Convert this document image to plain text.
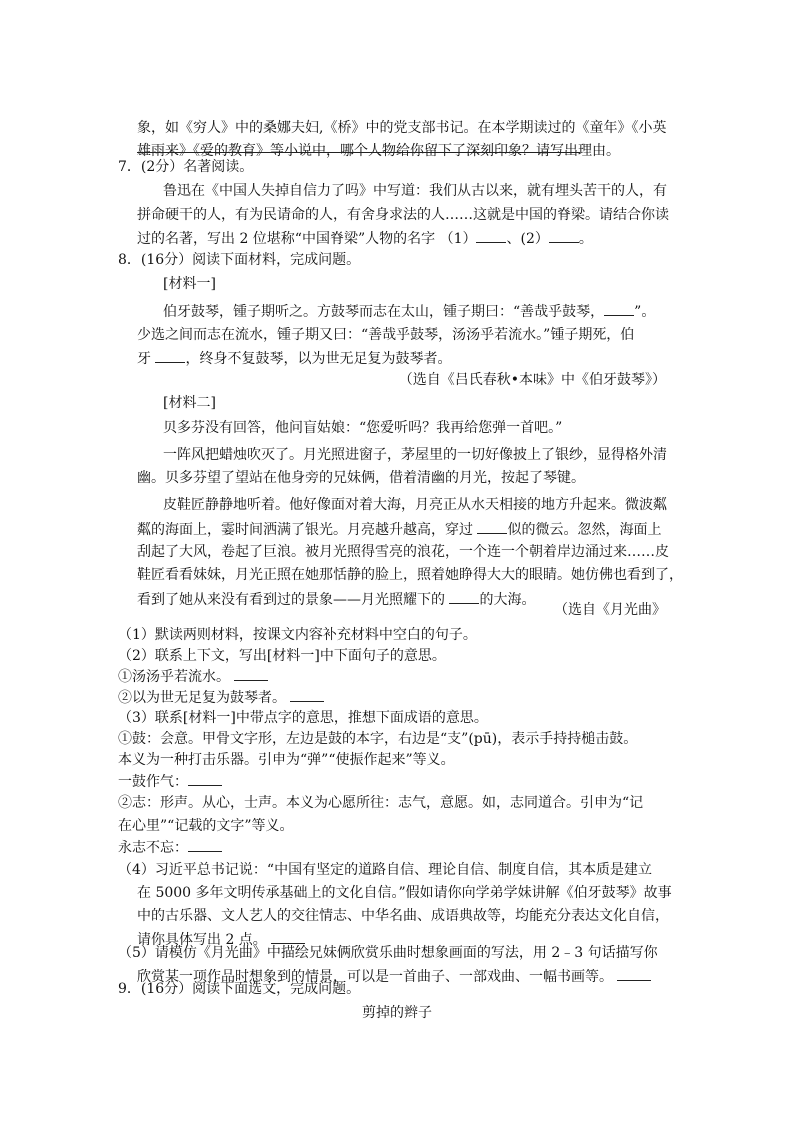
象，如《穷人》中的桑娜夫妇,《桥》中的党支部书记。在本学期读过的《童年》《小英
雄雨来》《爱的教育》等小说中，哪个人物给你留下了深刻印象？请写出理由。
7．(2分）名著阅读。
鲁迅在《中国人失掉自信力了吗》中写道：我们从古以来，就有埋头苦干的人，有
拼命硬干的人，有为民请命的人，有舍身求法的人……这就是中国的脊梁。请结合你读
过的名著，写出 2 位堪称“中国脊梁”人物的名字 （1） 、(2） 。
8．(16分）阅读下面材料，完成问题。
[材料一]
伯牙鼓琴，锺子期听之。方鼓琴而志在太山，锺子期曰：“善哉乎鼓琴， ”。
少选之间而志在流水，锺子期又曰：“善哉乎鼓琴，汤汤乎若流水。”锺子期死，伯
牙 ，终身不复鼓琴，以为世无足复为鼓琴者。
（选自《吕氏春秋•本味》中《伯牙鼓琴》）
[材料二]
贝多芬没有回答，他问盲姑娘：“您爱听吗？我再给您弹一首吧。”
一阵风把蜡烛吹灭了。月光照进窗子，茅屋里的一切好像披上了银纱，显得格外清
幽。贝多芬望了望站在他身旁的兄妹俩，借着清幽的月光，按起了琴键。
皮鞋匠静静地听着。他好像面对着大海，月亮正从水天相接的地方升起来。微波粼
粼的海面上，霎时间洒满了银光。月亮越升越高，穿过 似的微云。忽然，海面上
刮起了大风，卷起了巨浪。被月光照得雪亮的浪花，一个连一个朝着岸边涌过来……皮
鞋匠看看妹妹，月光正照在她那恬静的脸上，照着她睁得大大的眼睛。她仿佛也看到了，
看到了她从来没有看到过的景象——月光照耀下的 的大海。
（选自《月光曲》
（1）默读两则材料，按课文内容补充材料中空白的句子。
（2）联系上下文，写出[材料一]中下面句子的意思。
①汤汤乎若流水。
②以为世无足复为鼓琴者。
（3）联系[材料一]中带点字的意思，推想下面成语的意思。
①鼓：会意。甲骨文字形，左边是鼓的本字，右边是“支”(pū)，表示手持持槌击鼓。
本义为一种打击乐器。引申为“弹”“使振作起来”等义。
一鼓作气：
②志：形声。从心，士声。本义为心愿所往：志气，意愿。如，志同道合。引申为“记
在心里”“记载的文字”等义。
永志不忘：
（4）习近平总书记说：“中国有坚定的道路自信、理论自信、制度自信，其本质是建立
在 5000 多年文明传承基础上的文化自信。”假如请你向学弟学妹讲解《伯牙鼓琴》故事
中的古乐器、文人艺人的交往情志、中华名曲、成语典故等，均能充分表达文化自信，
请你具体写出 2 点。
（5）请模仿《月光曲》中描绘兄妹俩欣赏乐曲时想象画面的写法，用 2﹣3 句话描写你
欣赏某一项作品时想象到的情景，可以是一首曲子、一部戏曲、一幅书画等。
9．(16分）阅读下面选文，完成问题。
剪掉的辫子
